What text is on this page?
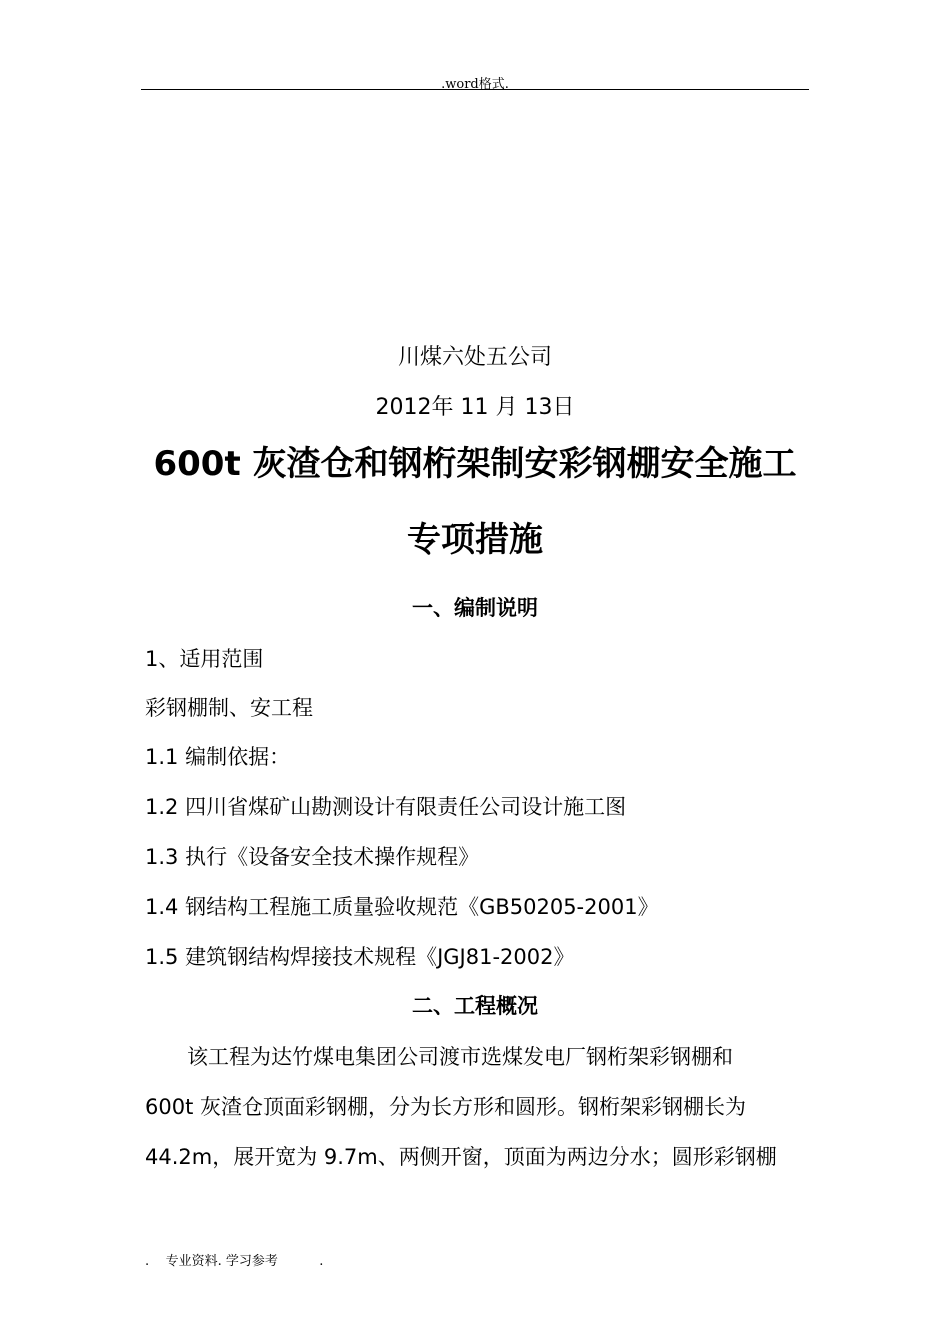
.word格式.
川煤六处五公司
2012年 11 月 13日
600t 灰渣仓和钢桁架制安彩钢棚安全施工
专项措施
一、编制说明
1、适用范围
彩钢棚制、安工程
1.1 编制依据：
1.2 四川省煤矿山勘测设计有限责任公司设计施工图
1.3 执行《设备安全技术操作规程》
1.4 钢结构工程施工质量验收规范《GB50205-2001》
1.5 建筑钢结构焊接技术规程《JGJ81-2002》
二、工程概况
　　该工程为达竹煤电集团公司渡市选煤发电厂钢桁架彩钢棚和
600t 灰渣仓顶面彩钢棚，分为长方形和圆形。钢桁架彩钢棚长为
44.2m，展开宽为 9.7m、两侧开窗，顶面为两边分水；圆形彩钢棚
.    专业资料. 学习参考          .
